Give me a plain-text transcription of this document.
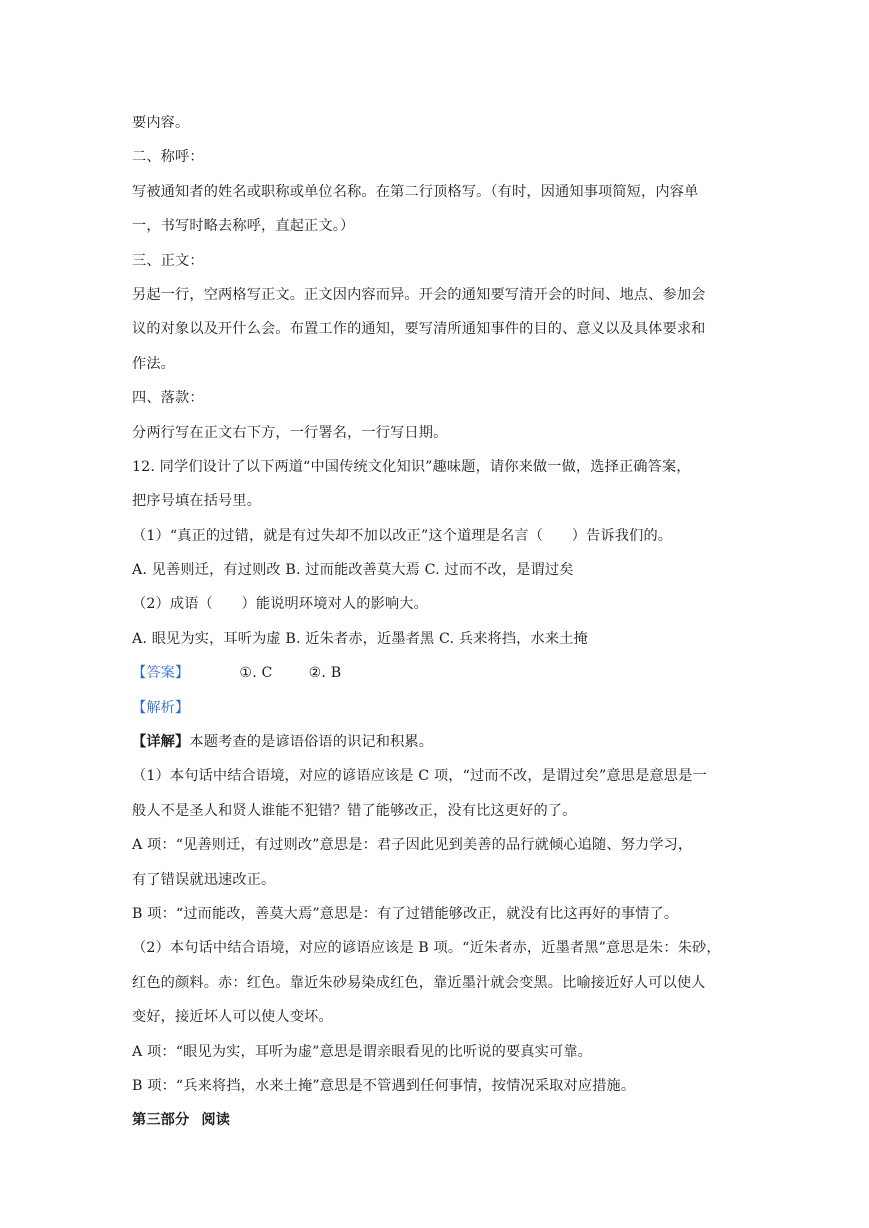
要内容。
二、称呼：
写被通知者的姓名或职称或单位名称。在第二行顶格写。（有时，因通知事项简短，内容单
一，书写时略去称呼，直起正文。）
三、正文：
另起一行，空两格写正文。正文因内容而异。开会的通知要写清开会的时间、地点、参加会
议的对象以及开什么会。布置工作的通知，要写清所通知事件的目的、意义以及具体要求和
作法。
四、落款：
分两行写在正文右下方，一行署名，一行写日期。
12. 同学们设计了以下两道“中国传统文化知识”趣味题，请你来做一做，选择正确答案，
把序号填在括号里。
（1）“真正的过错，就是有过失却不加以改正”这个道理是名言（　　）告诉我们的。
A. 见善则迁，有过则改 B. 过而能改善莫大焉 C. 过而不改，是谓过矣
（2）成语（　　）能说明环境对人的影响大。
A. 眼见为实，耳听为虚 B. 近朱者赤，近墨者黑 C. 兵来将挡，水来土掩
【答案】	①. C	②. B
【解析】
【详解】本题考查的是谚语俗语的识记和积累。
（1）本句话中结合语境，对应的谚语应该是 C 项，“过而不改，是谓过矣”意思是意思是一
般人不是圣人和贤人谁能不犯错？错了能够改正，没有比这更好的了。
A 项：“见善则迁，有过则改”意思是：君子因此见到美善的品行就倾心追随、努力学习，
有了错误就迅速改正。
B 项：“过而能改，善莫大焉”意思是：有了过错能够改正，就没有比这再好的事情了。
（2）本句话中结合语境，对应的谚语应该是 B 项。“近朱者赤，近墨者黑”意思是朱：朱砂，
红色的颜料。赤：红色。靠近朱砂易染成红色，靠近墨汁就会变黑。比喻接近好人可以使人
变好，接近坏人可以使人变坏。
A 项：“眼见为实，耳听为虚”意思是谓亲眼看见的比听说的要真实可靠。
B 项：“兵来将挡，水来土掩”意思是不管遇到任何事情，按情况采取对应措施。
第三部分 阅读
